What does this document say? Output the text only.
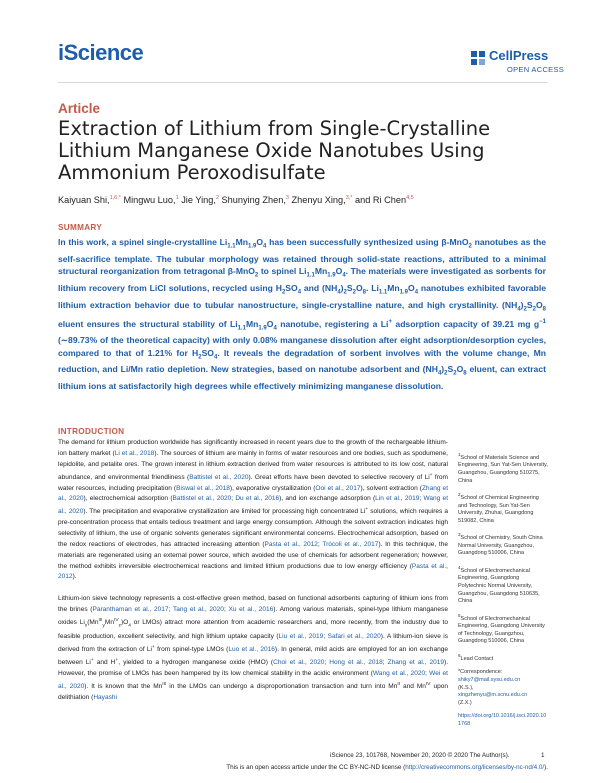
iScience	CellPress
OPEN ACCESS
Article
Extraction of Lithium from Single-Crystalline Lithium Manganese Oxide Nanotubes Using Ammonium Peroxodisulfate
Kaiyuan Shi,$^{1,6,*}$ Mingwu Luo,$^1$ Jie Ying,$^2$ Shunying Zhen,$^3$ Zhenyu Xing,$^{3,*}$ and Ri Chen$^{4,5}$
SUMMARY
In this work, a spinel single-crystalline $Li_{1.1}Mn_{1.9}O_4$ has been successfully synthesized using β-MnO$_2$ nanotubes as the self-sacrifice template. The tubular morphology was retained through solid-state reactions, attributed to a minimal structural reorganization from tetragonal β-MnO$_2$ to spinel $Li_{1.1}Mn_{1.9}O_4$. The materials were investigated as sorbents for lithium recovery from LiCl solutions, recycled using $H_2SO_4$ and $(NH_4)_2S_2O_8$. $Li_{1.1}Mn_{1.9}O_4$ nanotubes exhibited favorable lithium extraction behavior due to tubular nanostructure, single-crystalline nature, and high crystallinity. $(NH_4)_2S_2O_8$ eluent ensures the structural stability of $Li_{1.1}Mn_{1.9}O_4$ nanotube, registering a Li+ adsorption capacity of 39.21 mg $g^{-1}$ (∼89.73% of the theoretical capacity) with only 0.08% manganese dissolution after eight adsorption/desorption cycles, compared to that of 1.21% for $H_2SO_4$. It reveals the degradation of sorbent involves with the volume change, Mn reduction, and Li/Mn ratio depletion. New strategies, based on nanotube adsorbent and $(NH_4)_2S_2O_8$ eluent, can extract lithium ions at satisfactorily high degrees while effectively minimizing manganese dissolution.
INTRODUCTION

The demand for lithium production worldwide has significantly increased in recent years due to the growth of the rechargeable lithium-ion battery market (Li et al., 2018). The sources of lithium are mainly in forms of water resources and ore bodies, such as spodumene, lepidolite, and petalite ores. The grown interest in lithium extraction derived from water resources is attributed to its low cost, natural abundance, and environmental friendliness (Battistel et al., 2020). Great efforts have been devoted to selective recovery of Li+ from water resources, including precipitation (Biswal et al., 2018), evaporative crystallization (Ooi et al., 2017), solvent extraction (Zhang et al., 2020), electrochemical adsorption (Battistel et al., 2020; Du et al., 2016), and ion exchange adsorption (Lin et al., 2019; Wang et al., 2020). The precipitation and evaporative crystallization are limited for processing high concentrated Li+ solutions, which requires a pre-concentration process that entails tedious treatment and large energy consumption. Although the solvent extraction indicates high selectivity of lithium, the use of organic solvents generates significant environmental concerns. Electrochemical adsorption, based on the redox reactions of electrodes, has attracted increasing attention (Pasta et al., 2012; Trócoli et al., 2017). In this technique, the materials are regenerated using an external power source, which avoided the use of chemicals for adsorbent regeneration; however, the method exhibits irreversible electrochemical reactions and limited lithium productions due to low energy efficiency (Pasta et al., 2012).

Lithium-ion sieve technology represents a cost-effective green method, based on functional adsorbents capturing of lithium ions from the brines (Paranthaman et al., 2017; Tang et al., 2020; Xu et al., 2016). Among various materials, spinel-type lithium manganese oxides $Li_x(Mn^{III}_yMn^{IV}_z)O_4$ or LMOs) attract more attention from academic researchers and, more recently, from the industry due to feasible production, excellent selectivity, and high lithium uptake capacity (Liu et al., 2019; Safari et al., 2020). A lithium-ion sieve is derived from the extraction of Li+ from spinel-type LMOs (Luo et al., 2016). In general, mild acids are employed for an ion exchange between Li+ and H+, yielded to a hydrogen manganese oxide (HMO) (Choi et al., 2020; Hong et al., 2018; Zhang et al., 2019). However, the promise of LMOs has been hampered by its low chemical stability in the acidic environment (Wang et al., 2020; Wei et al., 2020). It is known that the $Mn^{III}$ in the LMOs can undergo a disproportionation transaction and turn into $Mn^{II}$ and $Mn^{IV}$ upon delithiation (Hayashi

$^1$School of Materials Science and Engineering, Sun Yat-Sen University, Guangzhou, Guangdong 510275, China
$^2$School of Chemical Engineering and Technology, Sun Yat-Sen University, Zhuhai, Guangdong 519082, China
$^3$School of Chemistry, South China Normal University, Guangzhou, Guangdong 510006, China
$^4$School of Electromechanical Engineering, Guangdong Polytechnic Normal University, Guangzhou, Guangdong 510635, China
$^5$School of Electromechanical Engineering, Guangdong University of Technology, Guangzhou, Guangdong 510006, China
$^6$Lead Contact
*Correspondence:
shiky7@mail.sysu.edu.cn
(K.S.),
xingzhenyu@m.scnu.edu.cn
(Z.X.)
https://doi.org/10.1016/j.isci.2020.101768
iScience 23, 101768, November 20, 2020 © 2020 The Author(s).	1
This is an open access article under the CC BY-NC-ND license (http://creativecommons.org/licenses/by-nc-nd/4.0/).
